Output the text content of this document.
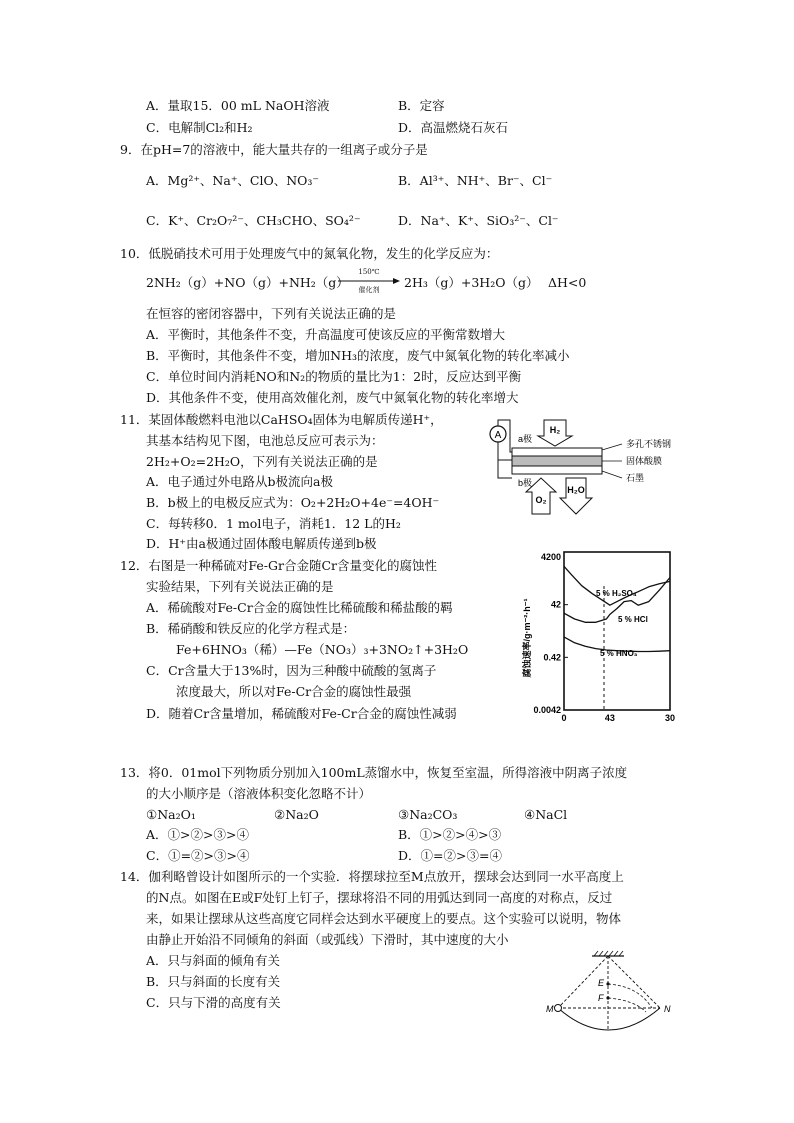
A．量取15．00 mL NaOH溶液	B．定容
C．电解制Cl₂和H₂	D．高温燃烧石灰石
9．在pH=7的溶液中，能大量共存的一组离子或分子是
A．Mg²⁺、Na⁺、ClO、NO₃⁻	B．Al³⁺、NH⁺、Br⁻、Cl⁻
C．K⁺、Cr₂O₇²⁻、CH₃CHO、SO₄²⁻	D．Na⁺、K⁺、SiO₃²⁻、Cl⁻
10．低脱硝技术可用于处理废气中的氮氧化物，发生的化学反应为：
2NH₂（g）+NO（g）+NH₂（g）
150℃
催化剂	2H₃（g）+3H₂O（g） ΔH<0
在恒容的密闭容器中，下列有关说法正确的是
A．平衡时，其他条件不变，升高温度可使该反应的平衡常数增大
B．平衡时，其他条件不变，增加NH₃的浓度，废气中氮氧化物的转化率减小
C．单位时间内消耗NO和N₂的物质的量比为1：2时，反应达到平衡
D．其他条件不变，使用高效催化剂，废气中氮氧化物的转化率增大
11．某固体酸燃料电池以CaHSO₄固体为电解质传递H⁺，
其基本结构见下图，电池总反应可表示为：
2H₂+O₂=2H₂O，下列有关说法正确的是
A．电子通过外电路从b极流向a极
B．b极上的电极反应式为：O₂+2H₂O+4e⁻=4OH⁻
C．每转移0．1 mol电子，消耗1．12 L的H₂
D．H⁺由a极通过固体酸电解质传递到b极
A a极
b极
H₂
O₂
H₂O
多孔不锈钢
固体酸膜
石墨
12．右图是一种稀硫对Fe-Gr合金随Cr含量变化的腐蚀性
实验结果，下列有关说法正确的是
A．稀硫酸对Fe-Cr合金的腐蚀性比稀硫酸和稀盐酸的羁
B．稀硝酸和铁反应的化学方程式是：
Fe+6HNO₃（稀）—Fe（NO₃）₃+3NO₂↑+3H₂O
C．Cr含量大于13%时，因为三种酸中硫酸的氢离子
浓度最大，所以对Fe-Cr合金的腐蚀性最强
D．随着Cr含量增加，稀硫酸对Fe-Cr合金的腐蚀性减弱
腐蚀速率/g·m⁻²·h⁻¹
4200
42
0.42
0.0042
0	43	30
5 % H₂SO₄
5 % HCl
5 % HNO₃
13．将0．01mol下列物质分别加入100mL蒸馏水中，恢复至室温，所得溶液中阴离子浓度
的大小顺序是（溶液体积变化忽略不计）
①Na₂O₁	②Na₂O	③Na₂CO₃	④NaCl
A．①>②>③>④	B．①>②>④>③
C．①=②>③>④	D．①=②>③=④
14．伽利略曾设计如图所示的一个实验．将摆球拉至M点放开，摆球会达到同一水平高度上
的N点。如图在E或F处钉上钉子，摆球将沿不同的用弧达到同一高度的对称点，反过
来，如果让摆球从这些高度它同样会达到水平硬度上的要点。这个实验可以说明，物体
由静止开始沿不同倾角的斜面（或弧线）下滑时，其中速度的大小
A．只与斜面的倾角有关
B．只与斜面的长度有关
C．只与下滑的高度有关	M	N
E
F
